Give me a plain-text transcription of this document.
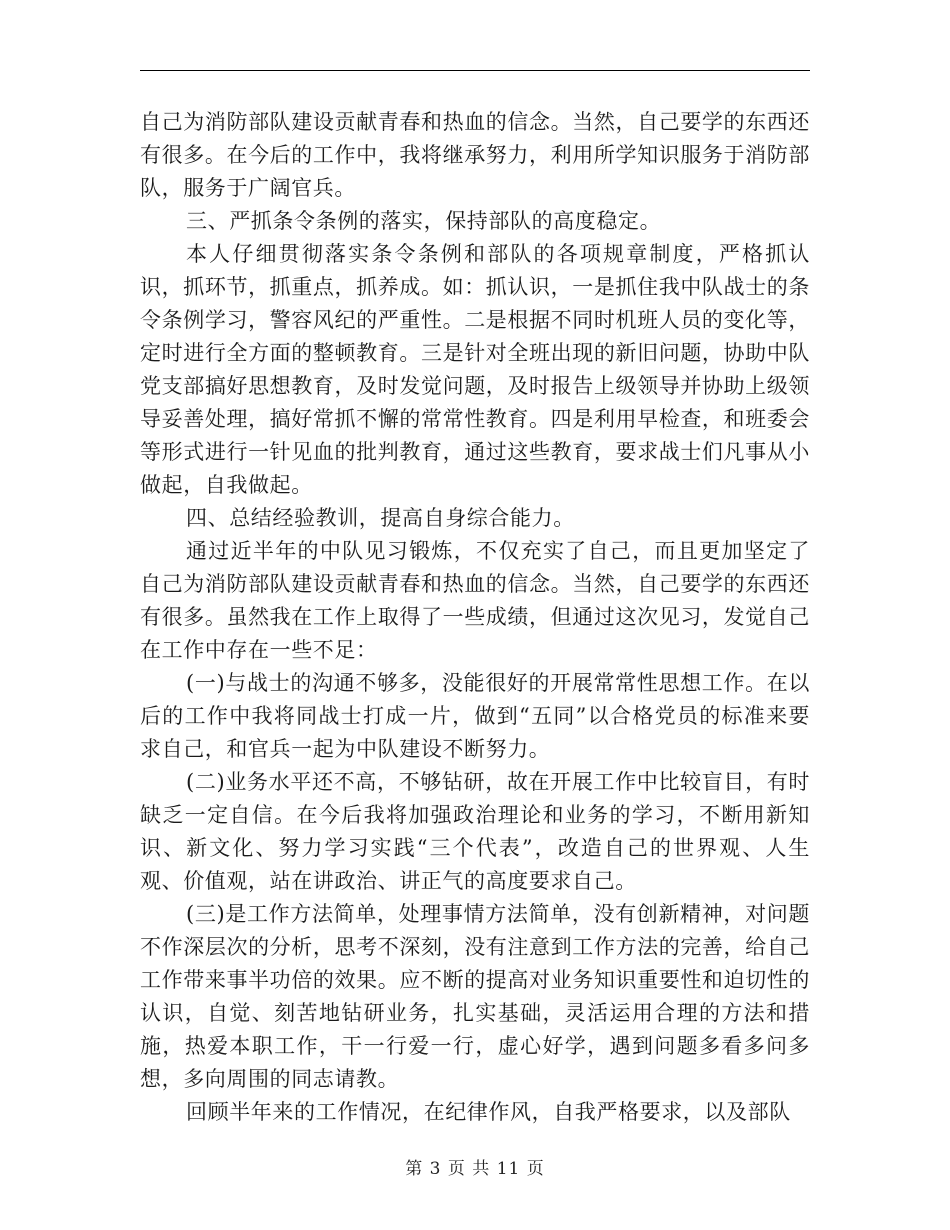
自己为消防部队建设贡献青春和热血的信念。当然，自己要学的东西还有很多。在今后的工作中，我将继承努力，利用所学知识服务于消防部队，服务于广阔官兵。

三、严抓条令条例的落实，保持部队的高度稳定。

本人仔细贯彻落实条令条例和部队的各项规章制度，严格抓认识，抓环节，抓重点，抓养成。如：抓认识，一是抓住我中队战士的条令条例学习，警容风纪的严重性。二是根据不同时机班人员的变化等，定时进行全方面的整顿教育。三是针对全班出现的新旧问题，协助中队党支部搞好思想教育，及时发觉问题，及时报告上级领导并协助上级领导妥善处理，搞好常抓不懈的常常性教育。四是利用早检查，和班委会等形式进行一针见血的批判教育，通过这些教育，要求战士们凡事从小做起，自我做起。

四、总结经验教训，提高自身综合能力。

通过近半年的中队见习锻炼，不仅充实了自己，而且更加坚定了自己为消防部队建设贡献青春和热血的信念。当然，自己要学的东西还有很多。虽然我在工作上取得了一些成绩，但通过这次见习，发觉自己在工作中存在一些不足：

(一)与战士的沟通不够多，没能很好的开展常常性思想工作。在以后的工作中我将同战士打成一片，做到“五同”以合格党员的标准来要求自己，和官兵一起为中队建设不断努力。

(二)业务水平还不高，不够钻研，故在开展工作中比较盲目，有时缺乏一定自信。在今后我将加强政治理论和业务的学习，不断用新知识、新文化、努力学习实践“三个代表”，改造自己的世界观、人生观、价值观，站在讲政治、讲正气的高度要求自己。

(三)是工作方法简单，处理事情方法简单，没有创新精神，对问题不作深层次的分析，思考不深刻，没有注意到工作方法的完善，给自己工作带来事半功倍的效果。应不断的提高对业务知识重要性和迫切性的认识，自觉、刻苦地钻研业务，扎实基础，灵活运用合理的方法和措施，热爱本职工作，干一行爱一行，虚心好学，遇到问题多看多问多想，多向周围的同志请教。

回顾半年来的工作情况，在纪律作风，自我严格要求，以及部队

第 3 页 共 11 页
